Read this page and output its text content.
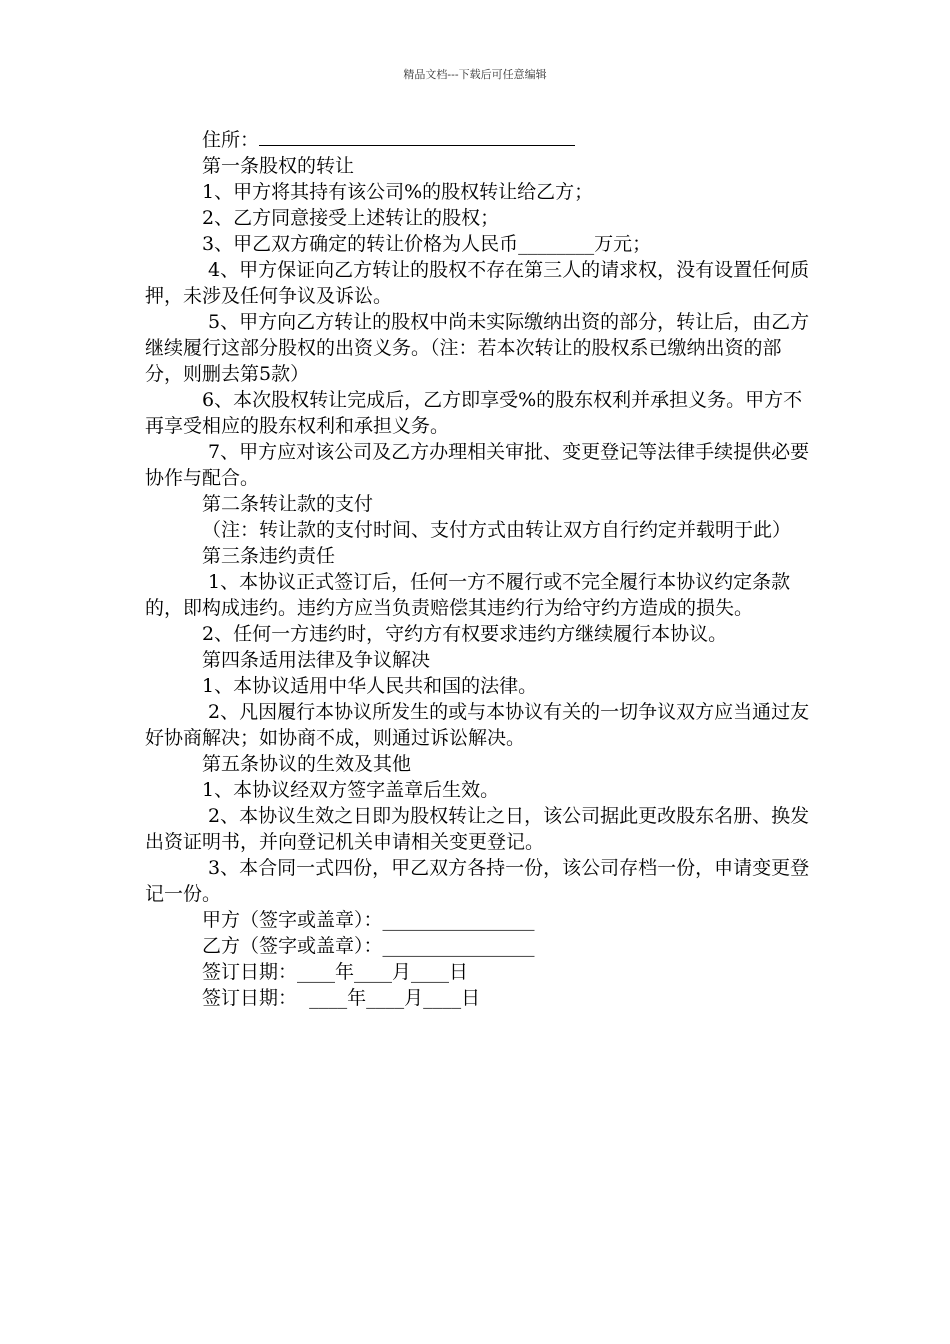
精品文档---下载后可任意编辑

住所：

第一条股权的转让

1、甲方将其持有该公司%的股权转让给乙方；

2、乙方同意接受上述转让的股权；

3、甲乙双方确定的转让价格为人民币________万元；

4、甲方保证向乙方转让的股权不存在第三人的请求权，没有设置任何质押，未涉及任何争议及诉讼。

5、甲方向乙方转让的股权中尚未实际缴纳出资的部分，转让后，由乙方继续履行这部分股权的出资义务。（注：若本次转让的股权系已缴纳出资的部分，则删去第5款）

6、本次股权转让完成后，乙方即享受%的股东权利并承担义务。甲方不再享受相应的股东权利和承担义务。

7、甲方应对该公司及乙方办理相关审批、变更登记等法律手续提供必要协作与配合。

第二条转让款的支付

（注：转让款的支付时间、支付方式由转让双方自行约定并载明于此）

第三条违约责任

1、本协议正式签订后，任何一方不履行或不完全履行本协议约定条款的，即构成违约。违约方应当负责赔偿其违约行为给守约方造成的损失。

2、任何一方违约时，守约方有权要求违约方继续履行本协议。

第四条适用法律及争议解决

1、本协议适用中华人民共和国的法律。

2、凡因履行本协议所发生的或与本协议有关的一切争议双方应当通过友好协商解决；如协商不成，则通过诉讼解决。

第五条协议的生效及其他

1、本协议经双方签字盖章后生效。

2、本协议生效之日即为股权转让之日，该公司据此更改股东名册、换发出资证明书，并向登记机关申请相关变更登记。

3、本合同一式四份，甲乙双方各持一份，该公司存档一份，申请变更登记一份。

甲方（签字或盖章）：________________

乙方（签字或盖章）：________________

签订日期：____年____月____日

签订日期：  ____年____月____日
